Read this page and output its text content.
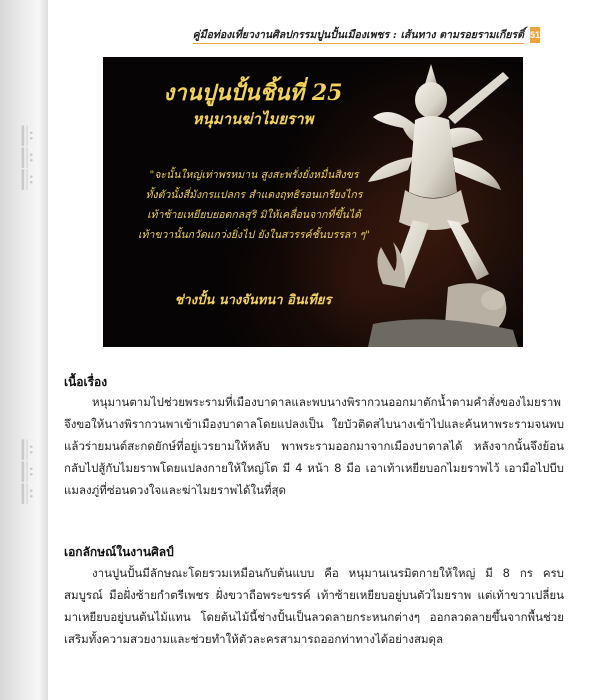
𝄆𝄆𝄆
𝄆𝄆𝄆
คู่มือท่องเที่ยวงานศิลปกรรมปูนปั้นเมืองเพชร : เส้นทาง ตามรอยรามเกียรติ์ 51
งานปูนปั้นชิ้นที่ 25
หนุมานฆ่าไมยราพ
"จะนั้นใหญ่เท่าพรหมาน สูงสะพรั่งยั่งหมื่นสิงขร
ทั้งตัวนั้งสี่มังกรแปลกร สำแดงฤทธิรอนเกรียงไกร
เท้าซ้ายเหยียบยอดกลสุริ มิให้เคลื่อนจากที่ขึ้นได้
เท้าขวานั้นกวัดแกว่งยิ่งไป ยังในสวรรค์ชั้นบรรลา ๆ"
ช่างปั้น นางจันทนา อินเทียร
เนื้อเรื่อง

หนุมานตามไปช่วยพระรามที่เมืองบาดาลและพบนางพิรากวนออกมาตักน้ำตามคำสั่งของไมยราพ จึงขอให้นางพิรากวนพาเข้าเมืองบาดาลโดยแปลงเป็น ใยบัวติดสไบนางเข้าไปและค้นหาพระรามจนพบแล้วร่ายมนต์สะกดยักษ์ที่อยู่เวรยามให้หลับ พาพระรามออกมาจากเมืองบาดาลได้ หลังจากนั้นจึงย้อนกลับไปสู้กับไมยราพโดยแปลงกายให้ใหญ่โต มี 4 หน้า 8 มือ เอาเท้าเหยียบอกไมยราพไว้ เอามือไปบีบแมลงภู่ที่ซ่อนดวงใจและฆ่าไมยราพได้ในที่สุด

เอกลักษณ์ในงานศิลป์

งานปูนปั้นมีลักษณะโดยรวมเหมือนกับต้นแบบ คือ หนุมานเนรมิตกายให้ใหญ่ มี 8 กร ครบสมบูรณ์ มือฝั่งซ้ายกำตรีเพชร ฝั่งขวาถือพระขรรค์ เท้าซ้ายเหยียบอยู่บนตัวไมยราพ แต่เท้าขวาเปลี่ยนมาเหยียบอยู่บนต้นไม้แทน โดยต้นไม้นี้ช่างปั้นเป็นลวดลายกระหนกต่างๆ ออกลวดลายขึ้นจากพื้นช่วยเสริมทั้งความสวยงามและช่วยทำให้ตัวละครสามารถออกท่าทางได้อย่างสมดุล
